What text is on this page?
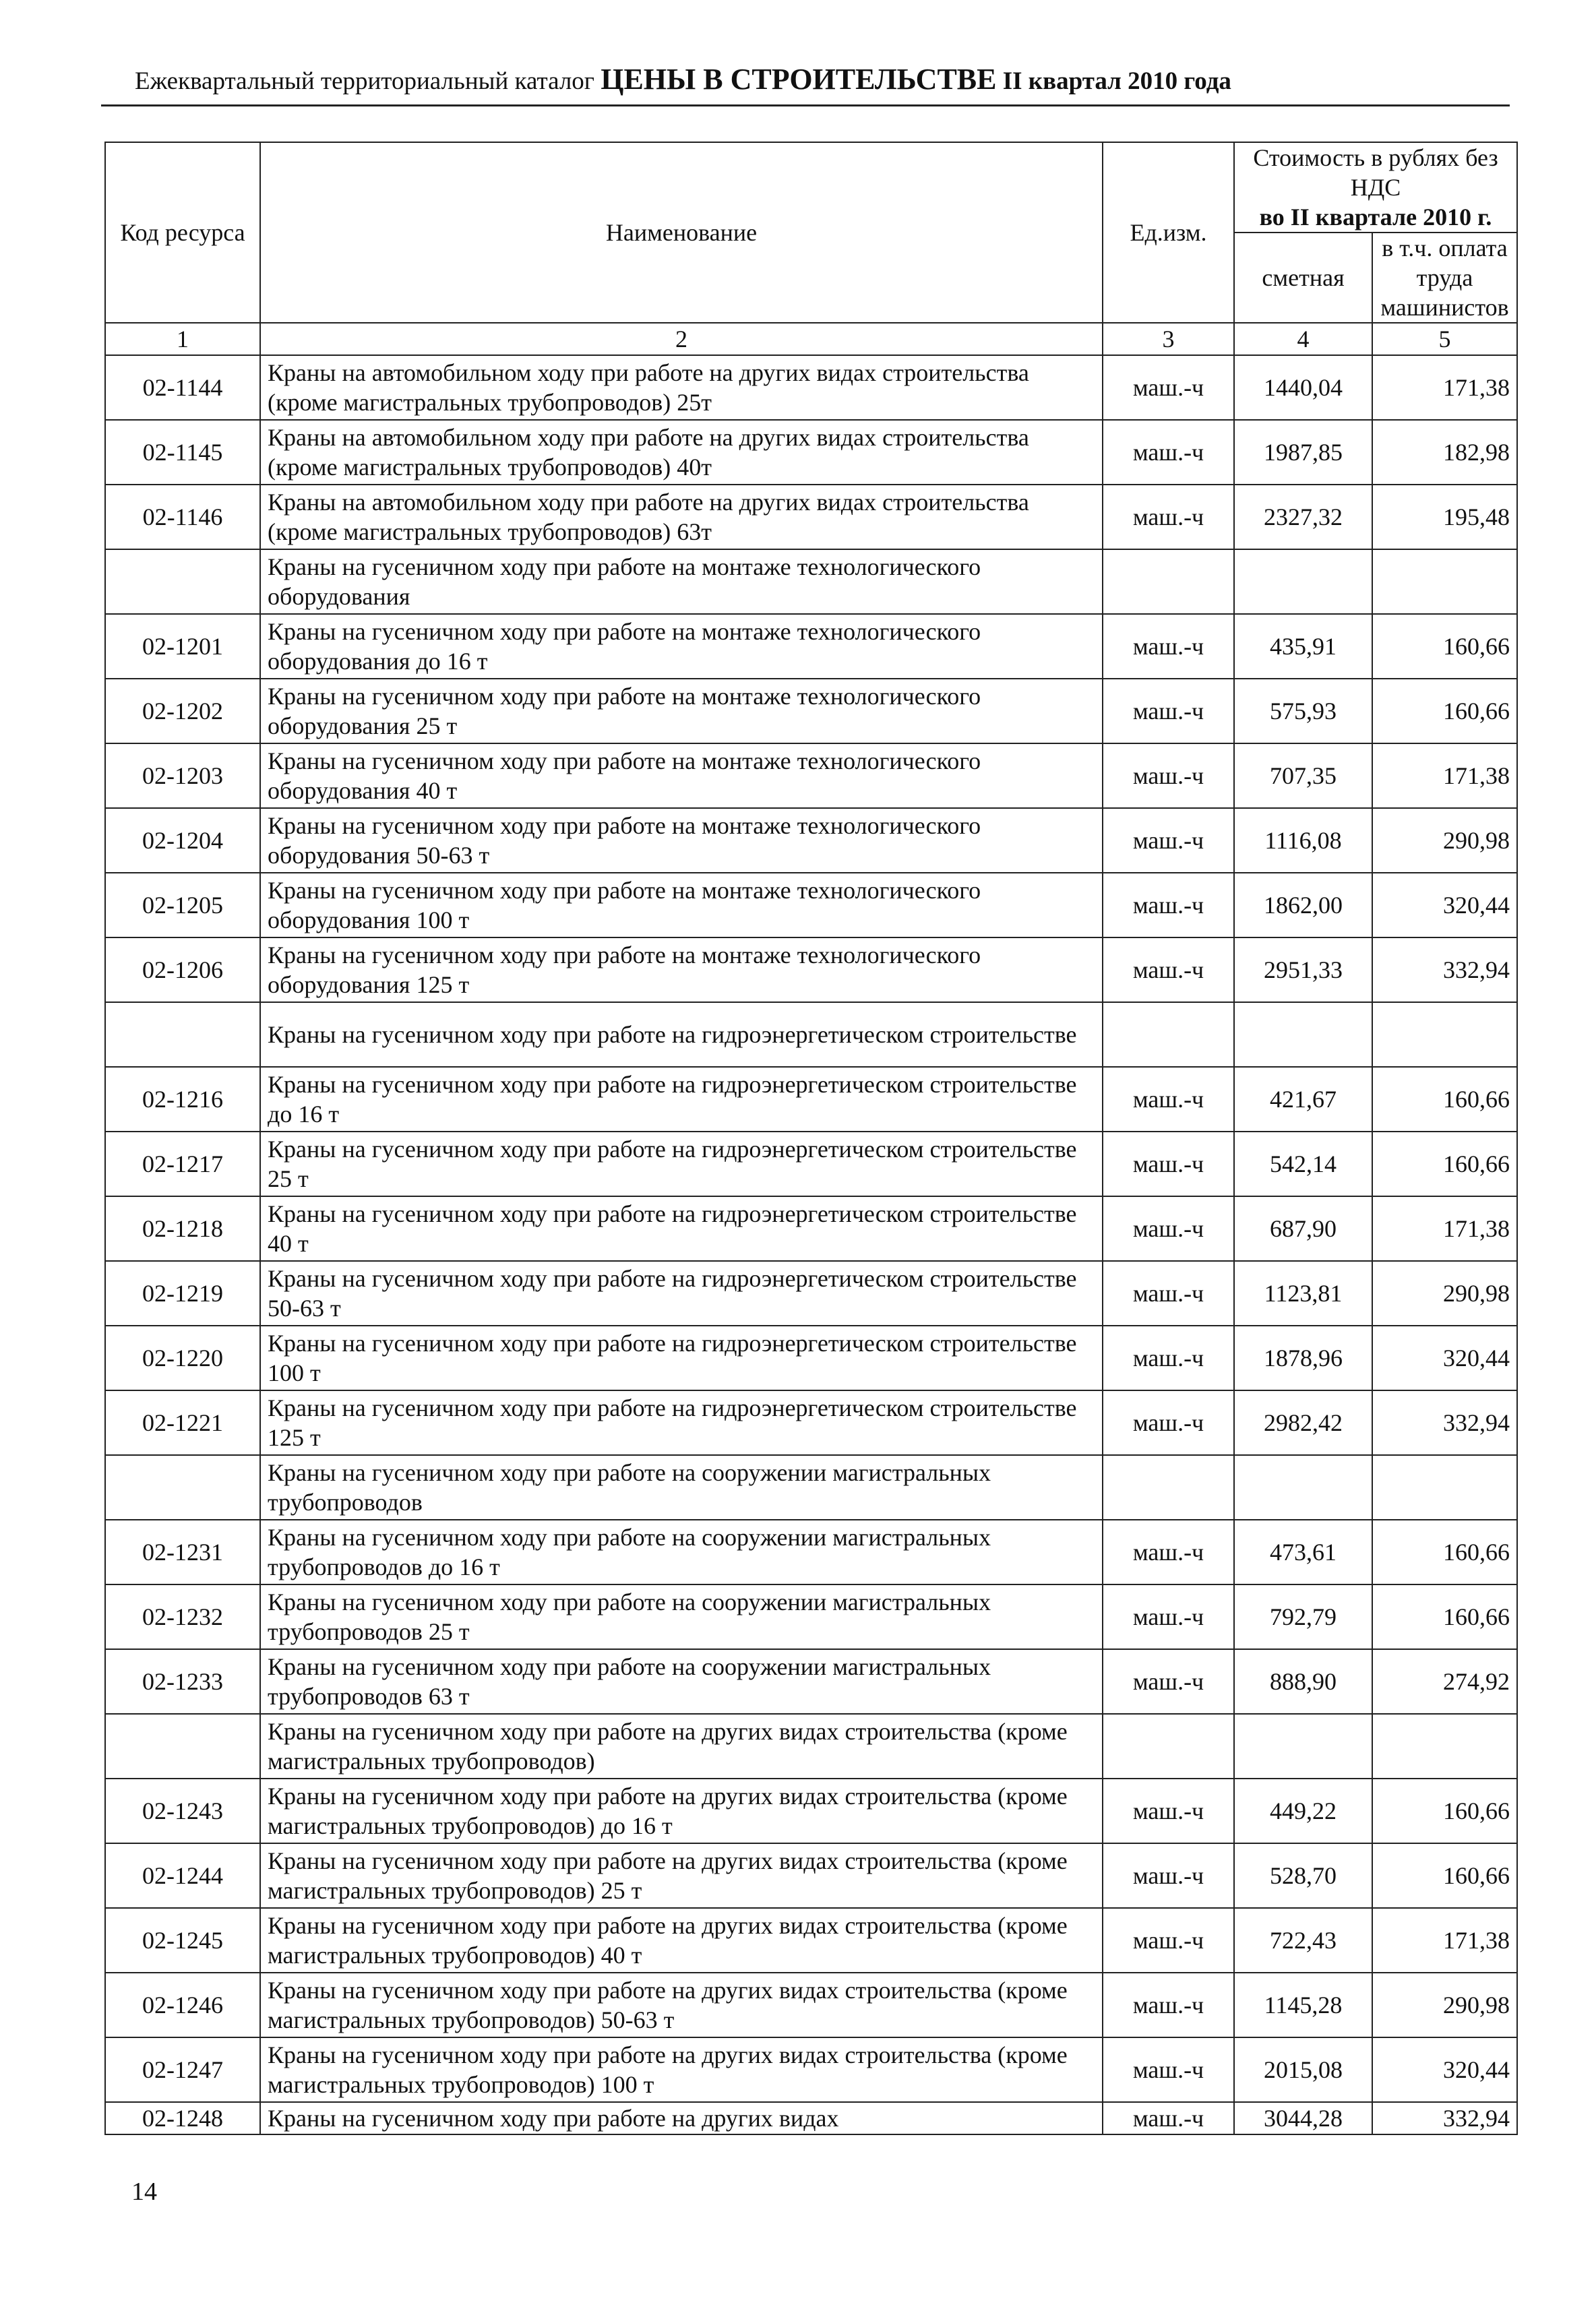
Ежеквартальный территориальный каталог ЦЕНЫ В СТРОИТЕЛЬСТВЕ II квартал 2010 года
Код ресурса	Наименование	Ед.изм.	Стоимость в рублях без НДС
во II квартале 2010 г.	

			сметная	в т.ч. оплата труда машинистов
1	2	3	4	5
02-1144	Краны на автомобильном ходу при работе на других видах строительства (кроме магистральных трубопроводов) 25т	маш.-ч	1440,04	171,38
02-1145	Краны на автомобильном ходу при работе на других видах строительства (кроме магистральных трубопроводов) 40т	маш.-ч	1987,85	182,98
02-1146	Краны на автомобильном ходу при работе на других видах строительства (кроме магистральных трубопроводов) 63т	маш.-ч	2327,32	195,48
	Краны на гусеничном ходу при работе на монтаже технологического оборудования			
02-1201	Краны на гусеничном ходу при работе на монтаже технологического оборудования до 16 т	маш.-ч	435,91	160,66
02-1202	Краны на гусеничном ходу при работе на монтаже технологического оборудования 25 т	маш.-ч	575,93	160,66
02-1203	Краны на гусеничном ходу при работе на монтаже технологического оборудования 40 т	маш.-ч	707,35	171,38
02-1204	Краны на гусеничном ходу при работе на монтаже технологического оборудования 50-63 т	маш.-ч	1116,08	290,98
02-1205	Краны на гусеничном ходу при работе на монтаже технологического оборудования 100 т	маш.-ч	1862,00	320,44
02-1206	Краны на гусеничном ходу при работе на монтаже технологического оборудования 125 т	маш.-ч	2951,33	332,94
	Краны на гусеничном ходу при работе на гидроэнергетическом строительстве			
02-1216	Краны на гусеничном ходу при работе на гидроэнергетическом строительстве до 16 т	маш.-ч	421,67	160,66
02-1217	Краны на гусеничном ходу при работе на гидроэнергетическом строительстве 25 т	маш.-ч	542,14	160,66
02-1218	Краны на гусеничном ходу при работе на гидроэнергетическом строительстве 40 т	маш.-ч	687,90	171,38
02-1219	Краны на гусеничном ходу при работе на гидроэнергетическом строительстве 50-63 т	маш.-ч	1123,81	290,98
02-1220	Краны на гусеничном ходу при работе на гидроэнергетическом строительстве 100 т	маш.-ч	1878,96	320,44
02-1221	Краны на гусеничном ходу при работе на гидроэнергетическом строительстве 125 т	маш.-ч	2982,42	332,94
	Краны на гусеничном ходу при работе на сооружении магистральных трубопроводов			
02-1231	Краны на гусеничном ходу при работе на сооружении магистральных трубопроводов до 16 т	маш.-ч	473,61	160,66
02-1232	Краны на гусеничном ходу при работе на сооружении магистральных трубопроводов 25 т	маш.-ч	792,79	160,66
02-1233	Краны на гусеничном ходу при работе на сооружении магистральных трубопроводов 63 т	маш.-ч	888,90	274,92
	Краны на гусеничном ходу при работе на других видах строительства (кроме магистральных трубопроводов)			
02-1243	Краны на гусеничном ходу при работе на других видах строительства (кроме магистральных трубопроводов) до 16 т	маш.-ч	449,22	160,66
02-1244	Краны на гусеничном ходу при работе на других видах строительства (кроме магистральных трубопроводов) 25 т	маш.-ч	528,70	160,66
02-1245	Краны на гусеничном ходу при работе на других видах строительства (кроме магистральных трубопроводов) 40 т	маш.-ч	722,43	171,38
02-1246	Краны на гусеничном ходу при работе на других видах строительства (кроме магистральных трубопроводов) 50-63 т	маш.-ч	1145,28	290,98
02-1247	Краны на гусеничном ходу при работе на других видах строительства (кроме магистральных трубопроводов) 100 т	маш.-ч	2015,08	320,44
02-1248	Краны на гусеничном ходу при работе на других видах	маш.-ч	3044,28	332,94
14
